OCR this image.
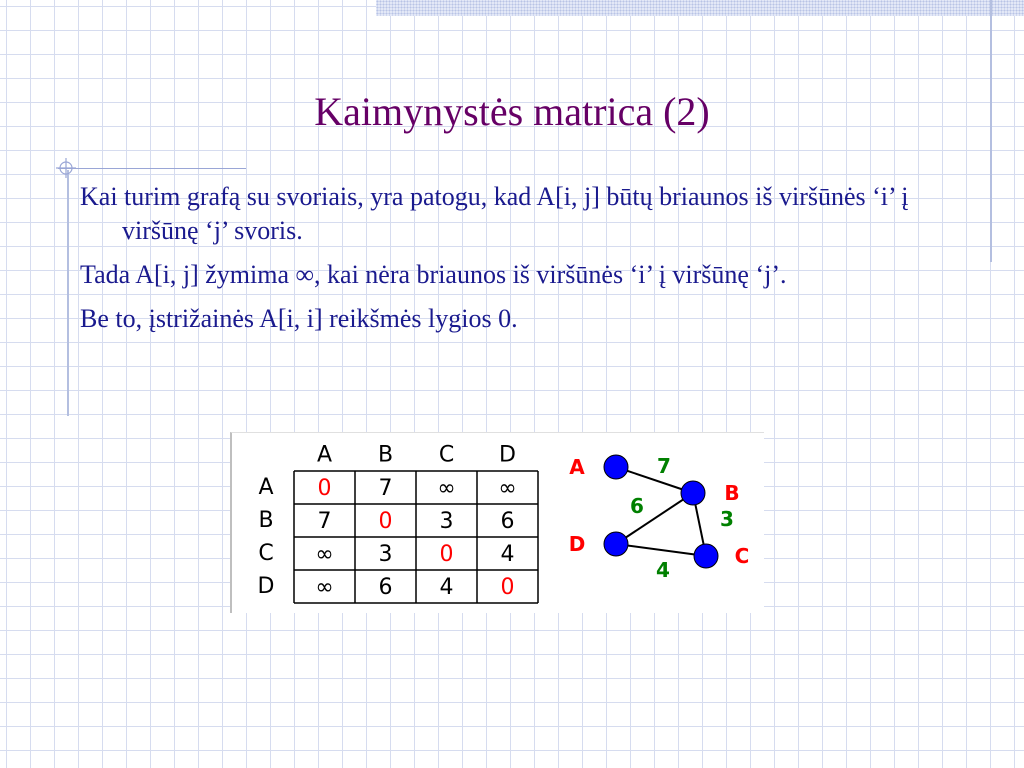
Kaimynystės matrica (2)
Kai turim grafą su svoriais, yra patogu, kad A[i, j] būtų briaunos iš viršūnės ‘i’ į viršūnę ‘j’ svoris.
Tada A[i, j] žymima ∞, kai nėra briaunos iš viršūnės ‘i’ į viršūnę ‘j’.
Be to, įstrižainės A[i, i] reikšmės lygios 0.
A B C D
A
B
C
D
0 7 ∞ ∞
7 0 3 6
∞ 3 0 4
∞ 6 4 0
A
B
C
D
7
6
3
4
